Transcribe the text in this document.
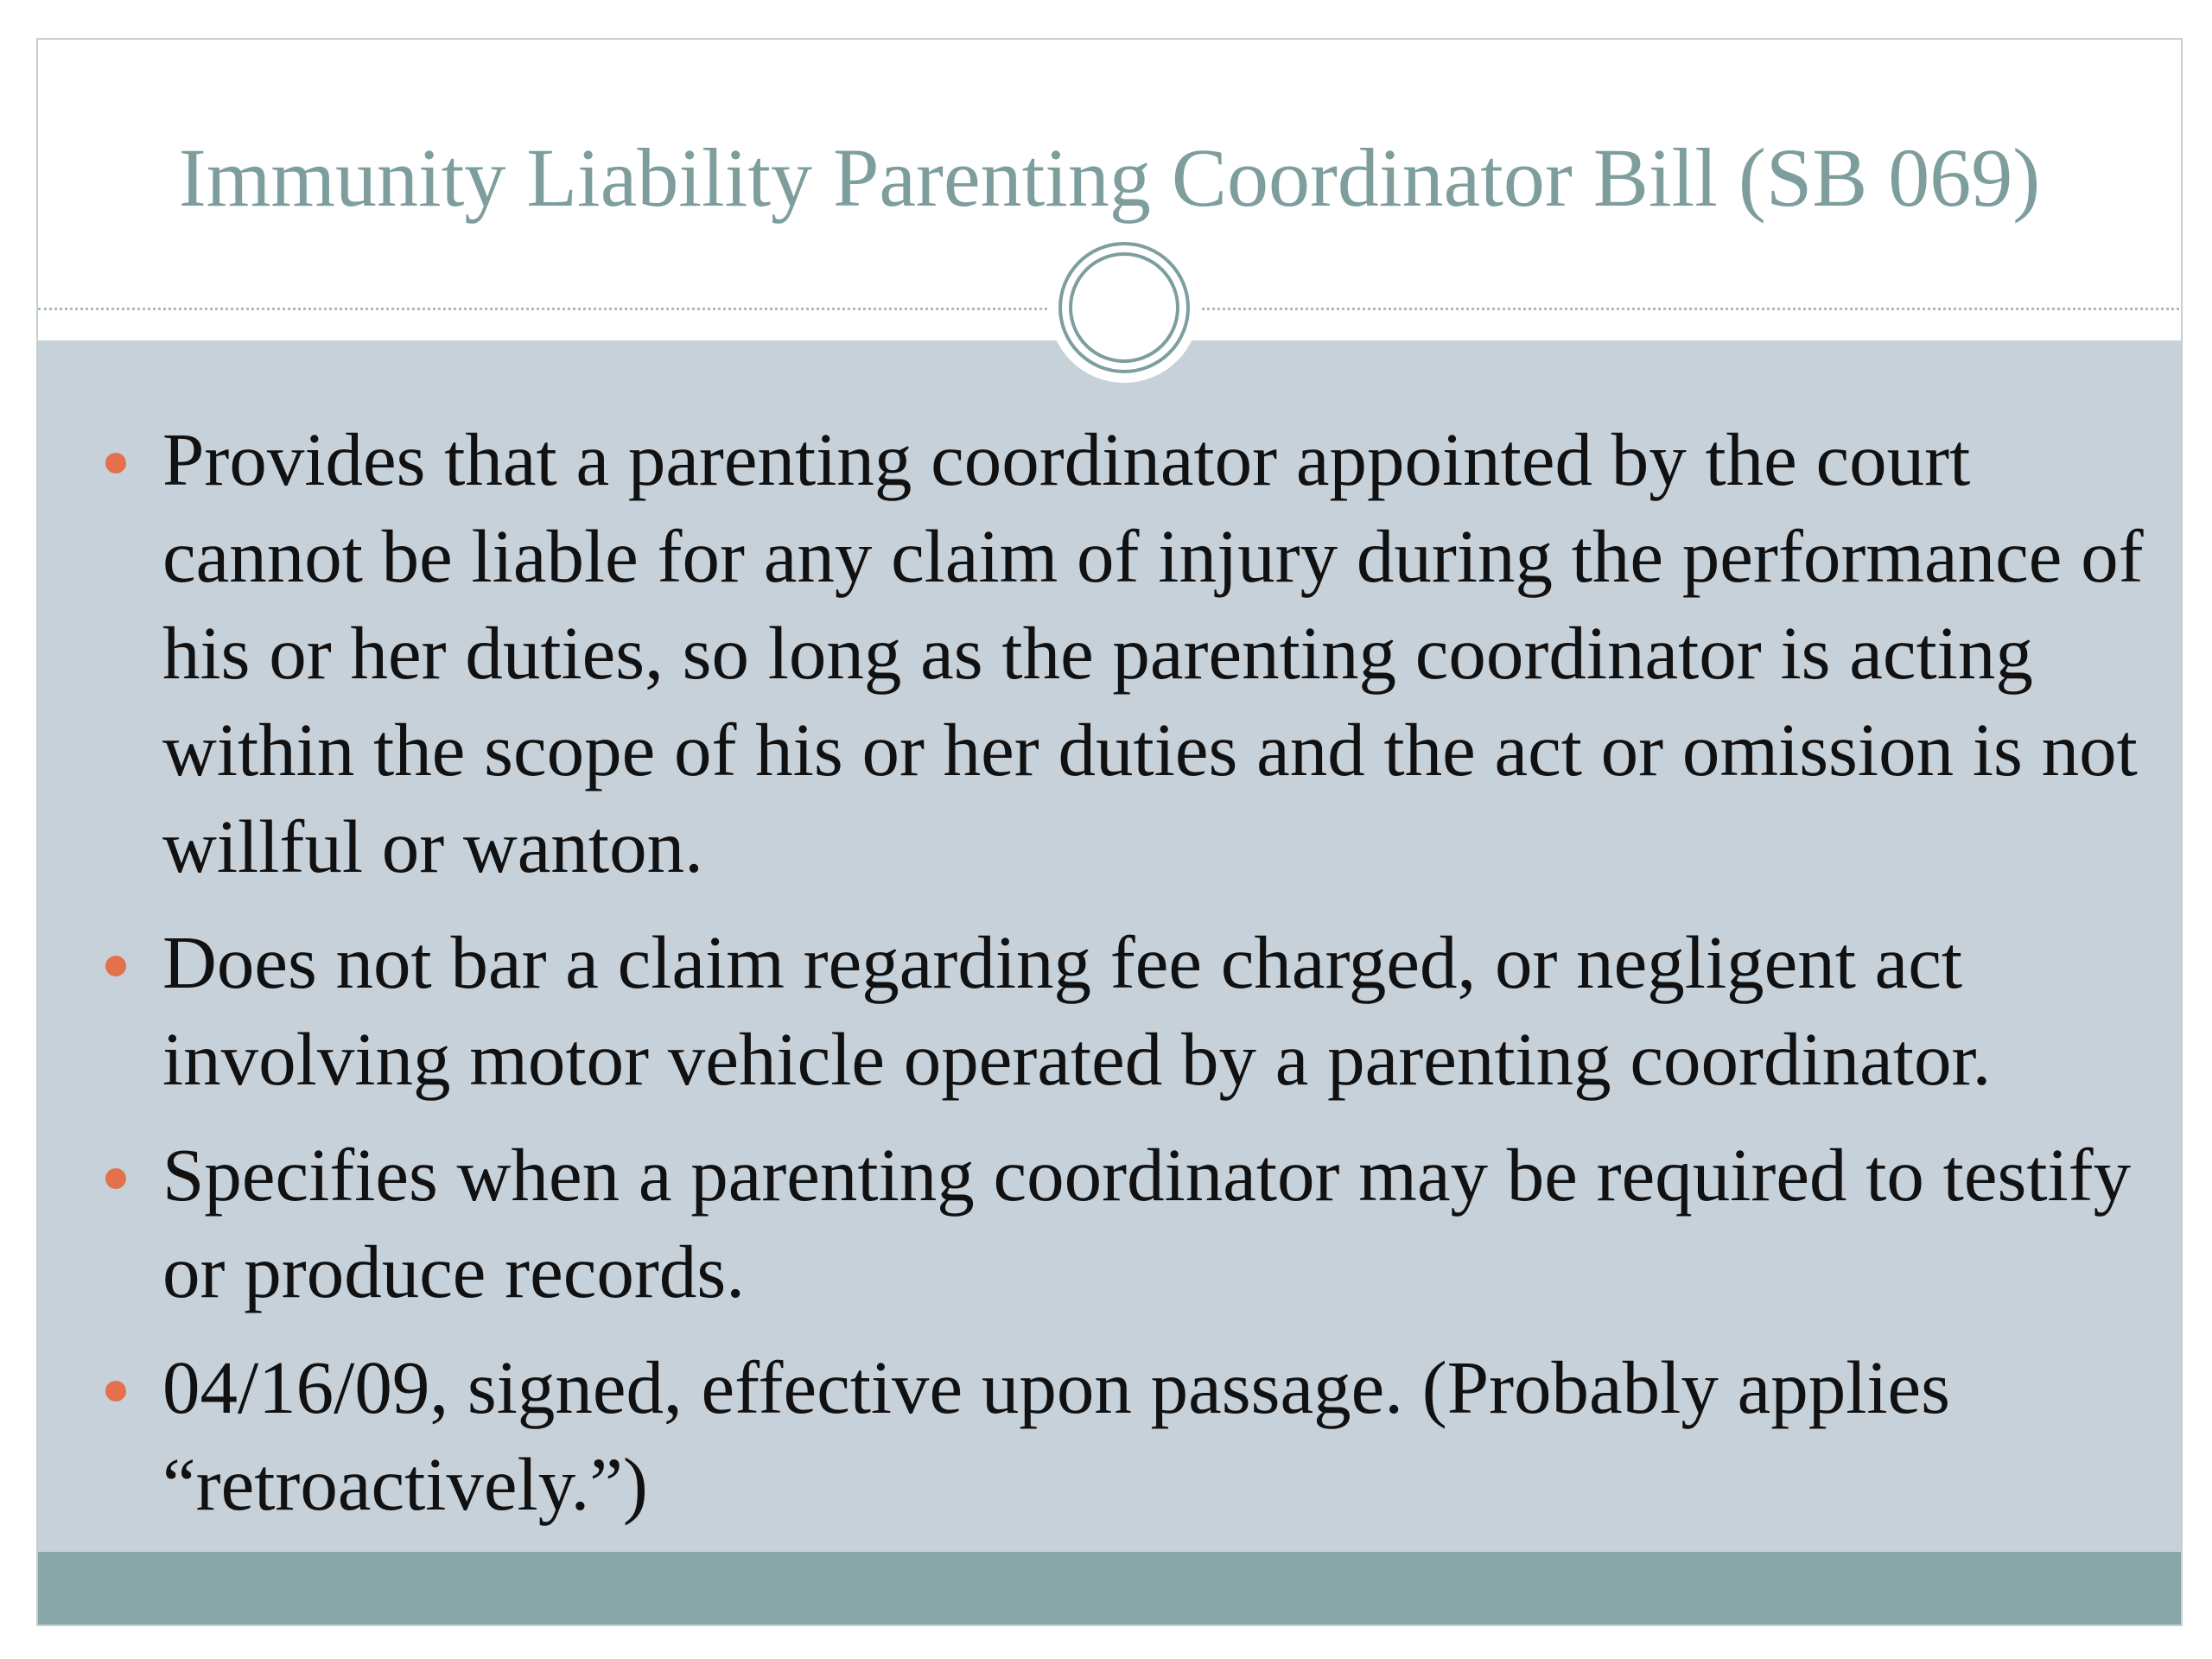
Immunity Liability Parenting Coordinator Bill (SB 069)
Provides that a parenting coordinator appointed by the court cannot be liable for any claim of injury during the performance of his or her duties, so long as the parenting coordinator is acting within the scope of his or her duties and the act or omission is not willful or wanton.
Does not bar a claim regarding fee charged, or negligent act involving motor vehicle operated by a parenting coordinator.
Specifies when a parenting coordinator may be required to testify or produce records.
04/16/09, signed, effective upon passage. (Probably applies “retroactively.”)
